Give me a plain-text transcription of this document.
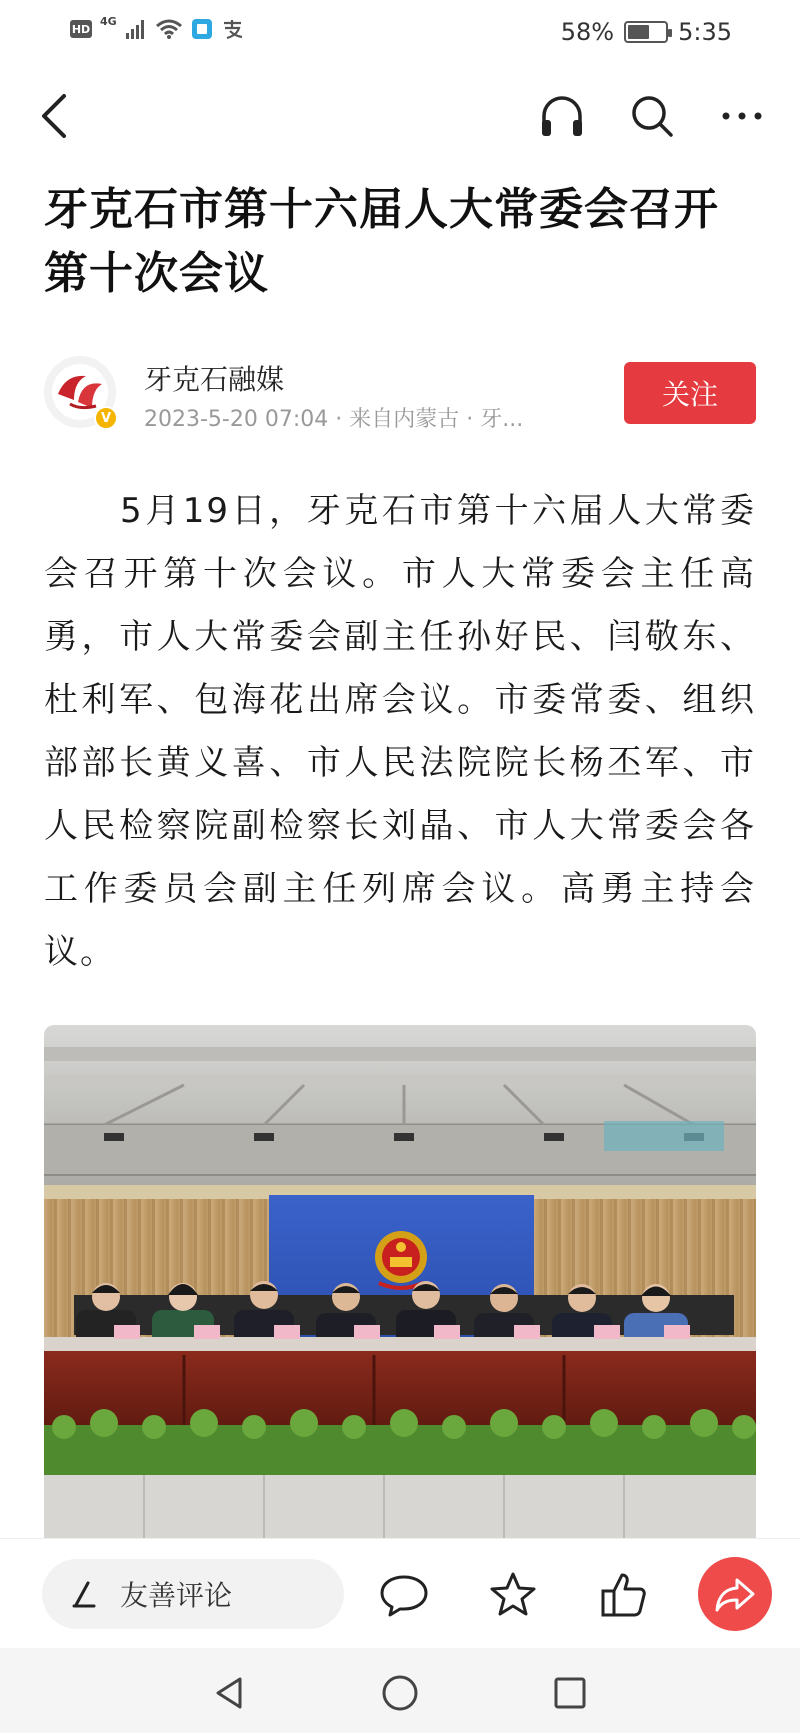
HD
4G	58%	5:35
牙克石市第十六届人大常委会召开第十次会议
V
牙克石融媒
2023-5-20 07:04 · 来自内蒙古 · 牙...
关注

5月19日，牙克石市第十六届人大常委会召开第十次会议。市人大常委会主任高勇，市人大常委会副主任孙好民、闫敬东、杜利军、包海花出席会议。市委常委、组织部部长黄义喜、市人民法院院长杨丕军、市人民检察院副检察长刘晶、市人大常委会各工作委员会副主任列席会议。高勇主持会议。

友善评论
